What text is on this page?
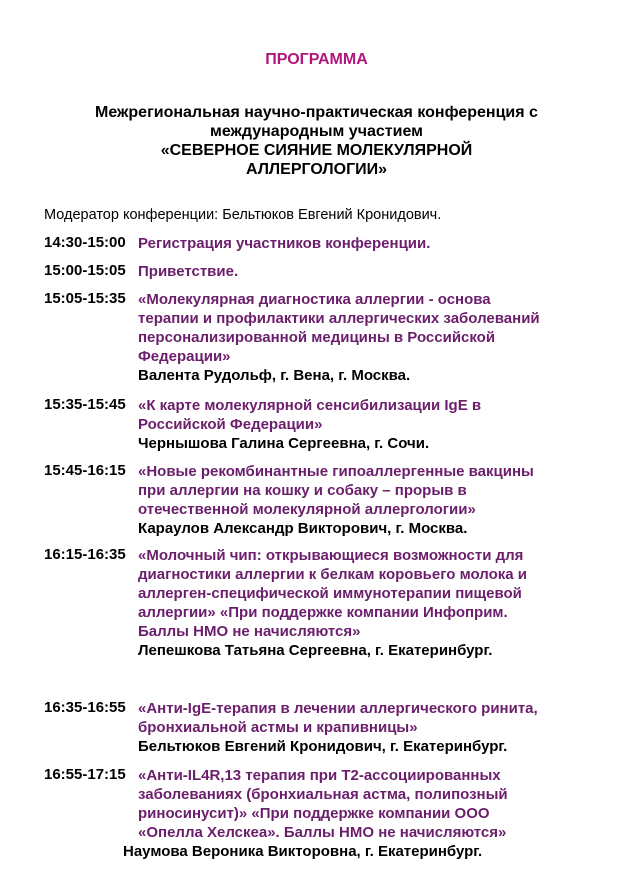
ПРОГРАММА
Межрегиональная научно-практическая конференция с
международным участием
«СЕВЕРНОЕ СИЯНИЕ МОЛЕКУЛЯРНОЙ
АЛЛЕРГОЛОГИИ»
Модератор конференции: Бельтюков Евгений Кронидович.
14:30-15:00 Регистрация участников конференции.
15:00-15:05 Приветствие.
15:05-15:35 «Молекулярная диагностика аллергии - основа
терапии и профилактики аллергических заболеваний
персонализированной медицины в Российской
Федерации»
Валента Рудольф, г. Вена, г. Москва.
15:35-15:45 «К карте молекулярной сенсибилизации IgE в
Российской Федерации»
Чернышова Галина Сергеевна, г. Сочи.
15:45-16:15 «Новые рекомбинантные гипоаллергенные вакцины
при аллергии на кошку и собаку – прорыв в
отечественной молекулярной аллергологии»
Караулов Александр Викторович, г. Москва.
16:15-16:35 «Молочный чип: открывающиеся возможности для
диагностики аллергии к белкам коровьего молока и
аллерген-специфической иммунотерапии пищевой
аллергии» «При поддержке компании Инфоприм.
Баллы НМО не начисляются»
Лепешкова Татьяна Сергеевна, г. Екатеринбург.
16:35-16:55 «Анти-IgE-терапия в лечении аллергического ринита,
бронхиальной астмы и крапивницы»
Бельтюков Евгений Кронидович, г. Екатеринбург.
16:55-17:15 «Анти-IL4R,13 терапия при Т2-ассоциированных
заболеваниях (бронхиальная астма, полипозный
риносинусит)» «При поддержке компании ООО
«Опелла Хелскеа». Баллы НМО не начисляются»
Наумова Вероника Викторовна, г. Екатеринбург.
